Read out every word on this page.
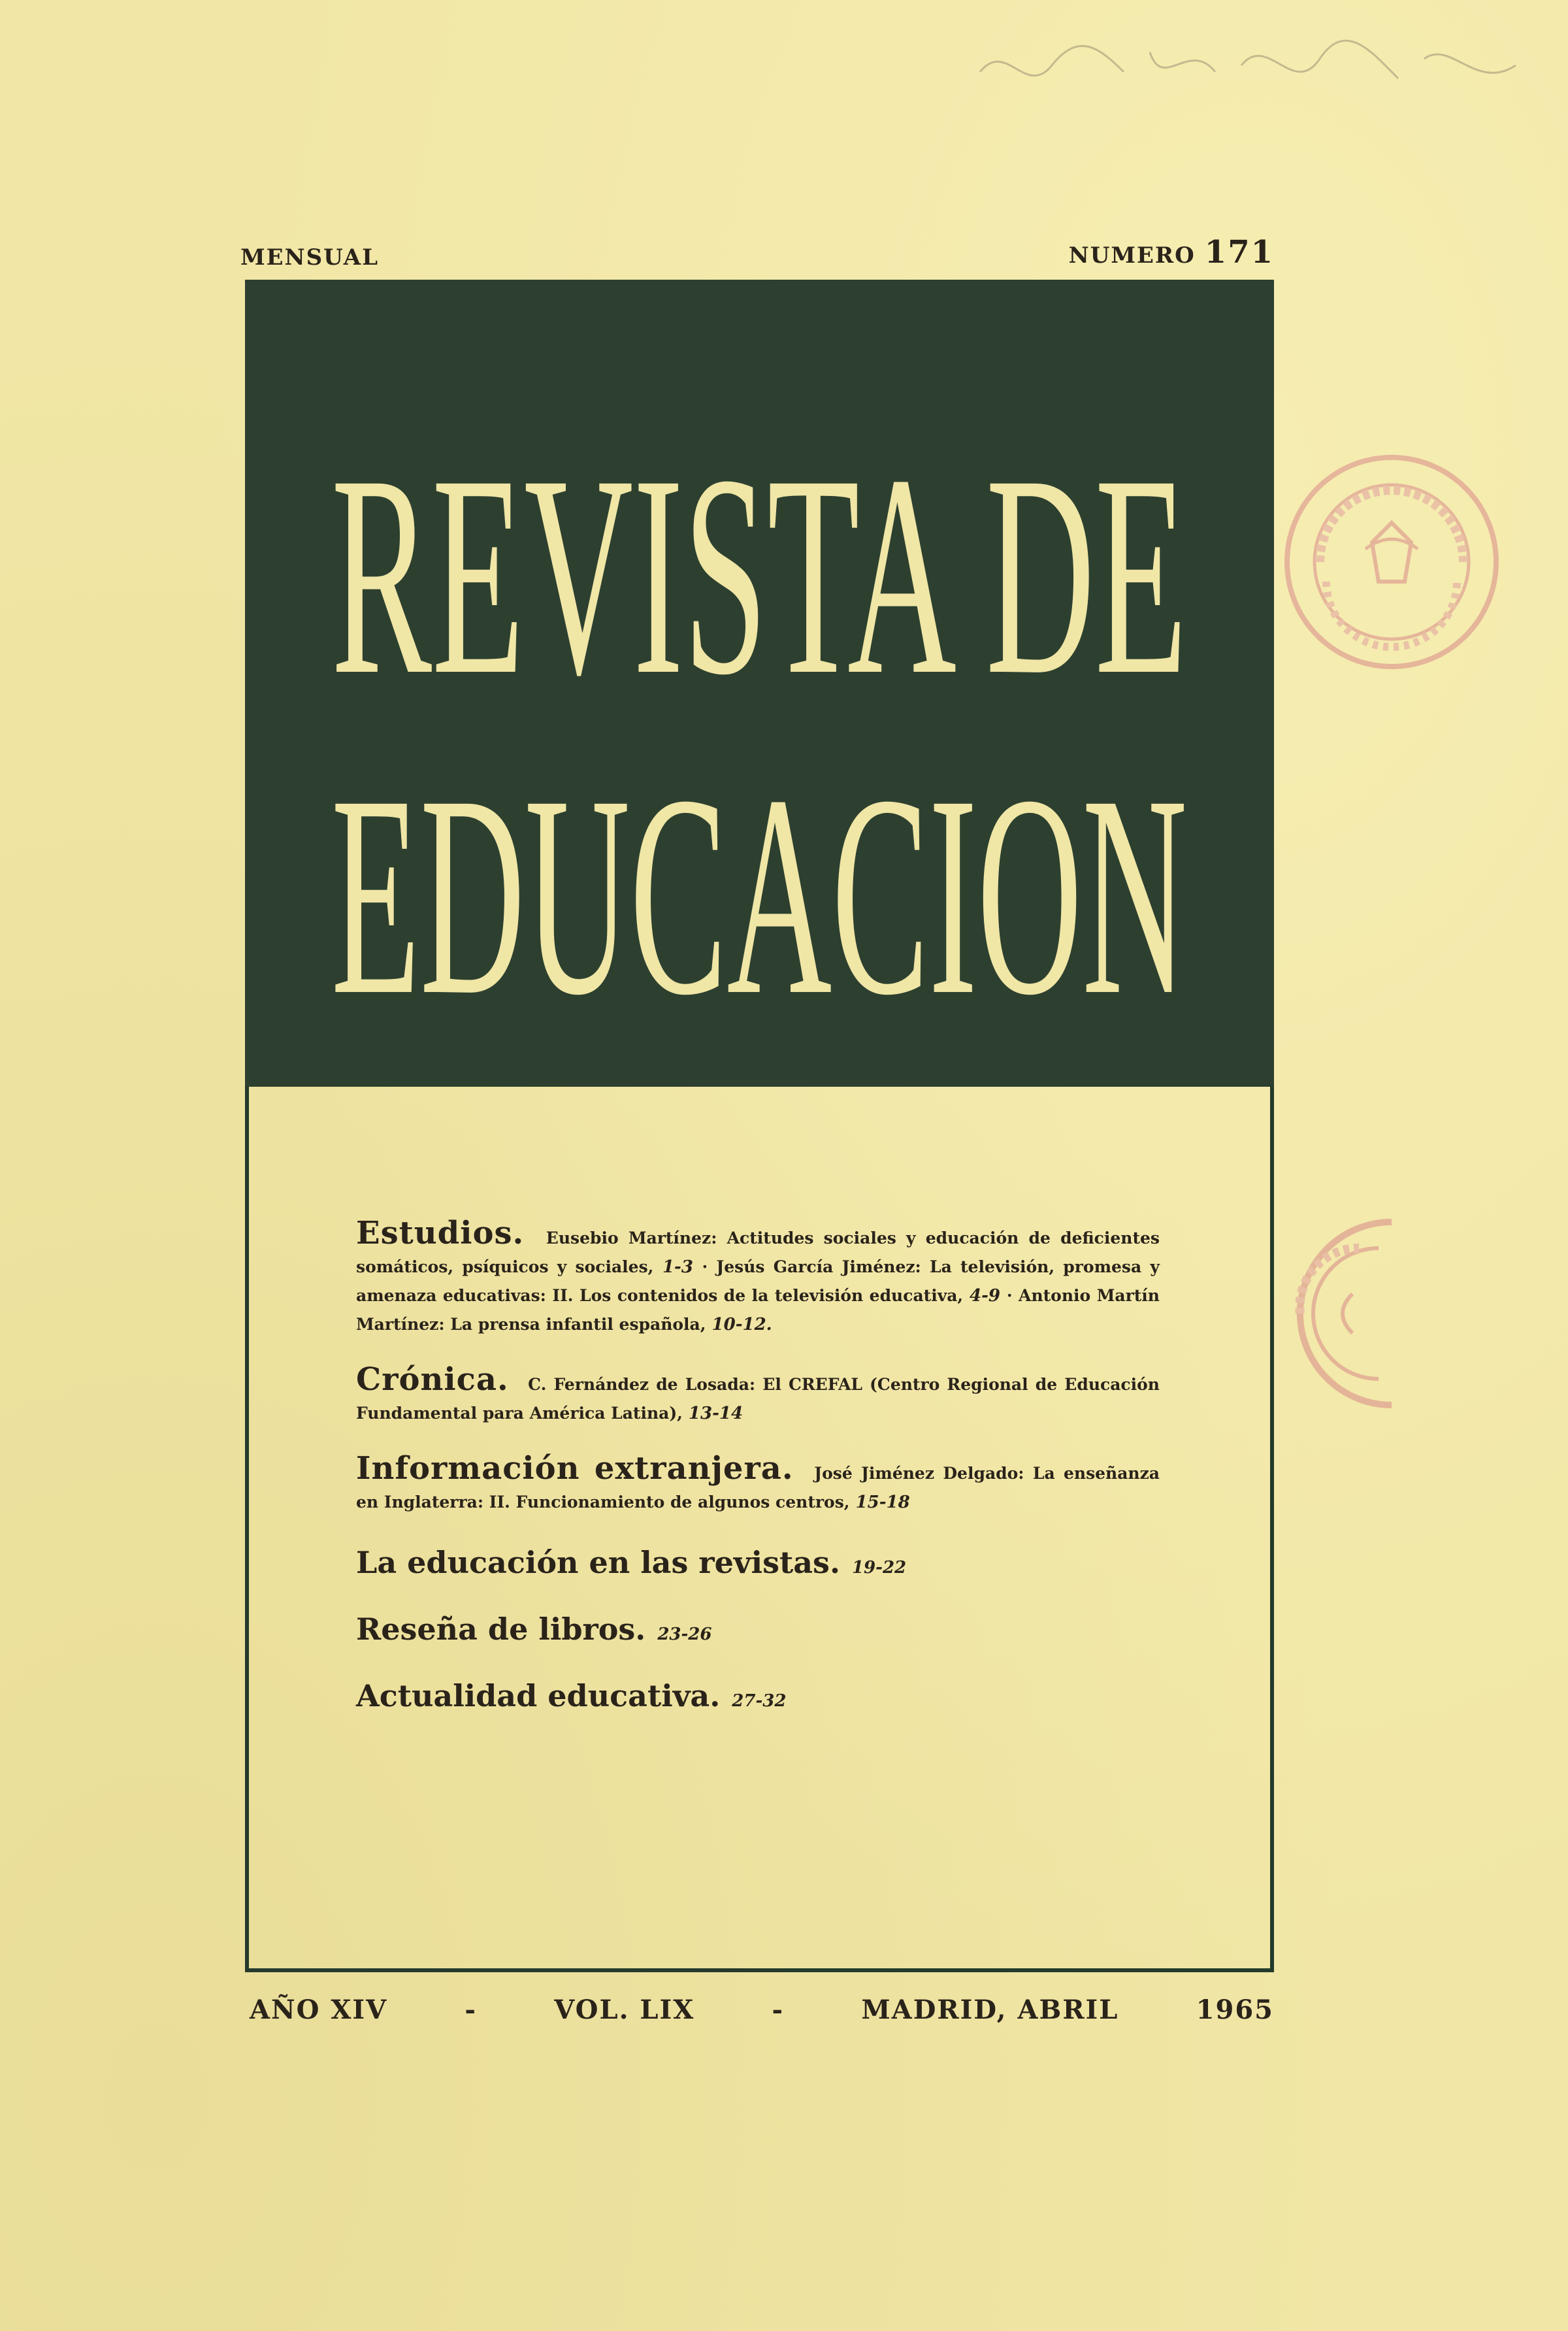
MENSUAL	NUMERO 171
REVISTA DE
EDUCACION

Estudios. Eusebio Martínez: Actitudes sociales y educación de deficientes somáticos, psíquicos y sociales, 1-3 · Jesús García Jiménez: La televisión, promesa y amenaza educativas: II. Los contenidos de la televisión educativa, 4-9 · Antonio Martín Martínez: La prensa infantil española, 10-12.

Crónica. C. Fernández de Losada: El CREFAL (Centro Regional de Educación Fundamental para América Latina), 13-14

Información extranjera. José Jiménez Delgado: La enseñanza en Inglaterra: II. Funcionamiento de algunos centros, 15-18

La educación en las revistas. 19-22
Reseña de libros. 23-26
Actualidad educativa. 27-32
AÑO XIV	-	VOL. LIX	-	MADRID, ABRIL	1965
